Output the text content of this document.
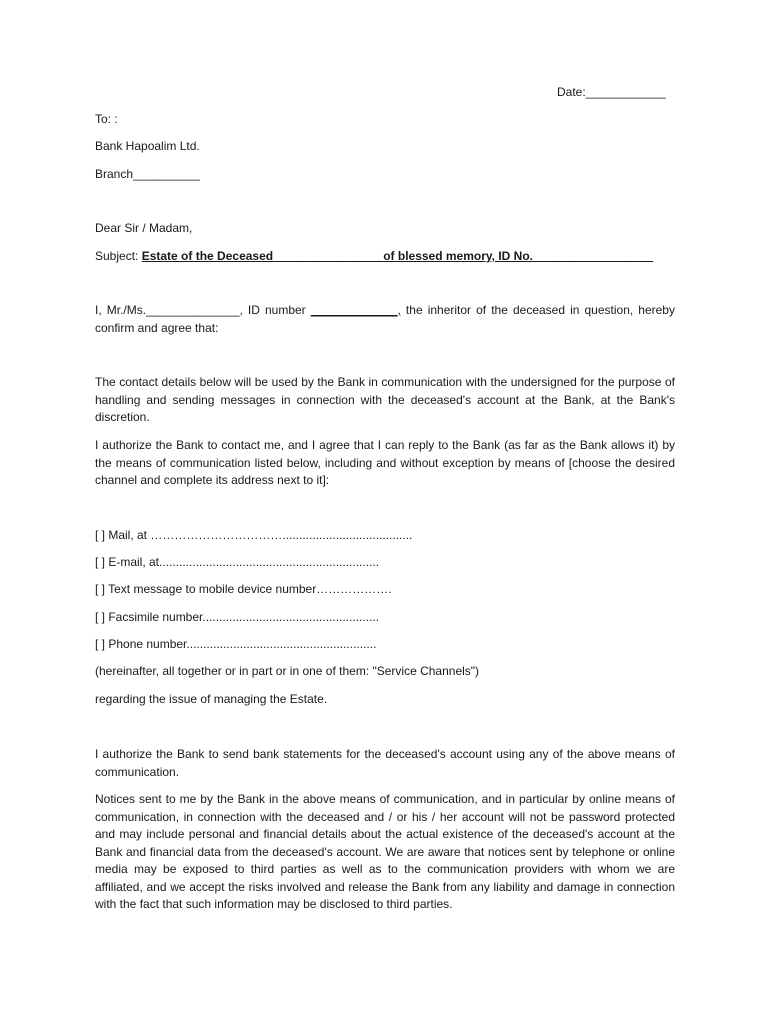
Date:____________
To: :
Bank Hapoalim Ltd.
Branch__________
Dear Sir / Madam,
Subject: Estate of the Deceased ________________of blessed memory, ID No.__________________
I, Mr./Ms.______________, ID number _____________, the inheritor of the deceased in question, hereby confirm and agree that:
The contact details below will be used by the Bank in communication with the undersigned for the purpose of handling and sending messages in connection with the deceased's account at the Bank, at the Bank's discretion.
I authorize the Bank to contact me, and I agree that I can reply to the Bank (as far as the Bank allows it) by the means of communication listed below, including and without exception by means of [choose the desired channel and complete its address next to it]:
[ ] Mail, at …………………………….......................................
[ ] E-mail, at..................................................................
[ ] Text message to mobile device number……………….
[ ] Facsimile number.....................................................
[ ] Phone number.........................................................
(hereinafter, all together or in part or in one of them: "Service Channels")
regarding the issue of managing the Estate.
I authorize the Bank to send bank statements for the deceased's account using any of the above means of communication.
Notices sent to me by the Bank in the above means of communication, and in particular by online means of communication, in connection with the deceased and / or his / her account will not be password protected and may include personal and financial details about the actual existence of the deceased's account at the Bank and financial data from the deceased's account. We are aware that notices sent by telephone or online media may be exposed to third parties as well as to the communication providers with whom we are affiliated, and we accept the risks involved and release the Bank from any liability and damage in connection with the fact that such information may be disclosed to third parties.
